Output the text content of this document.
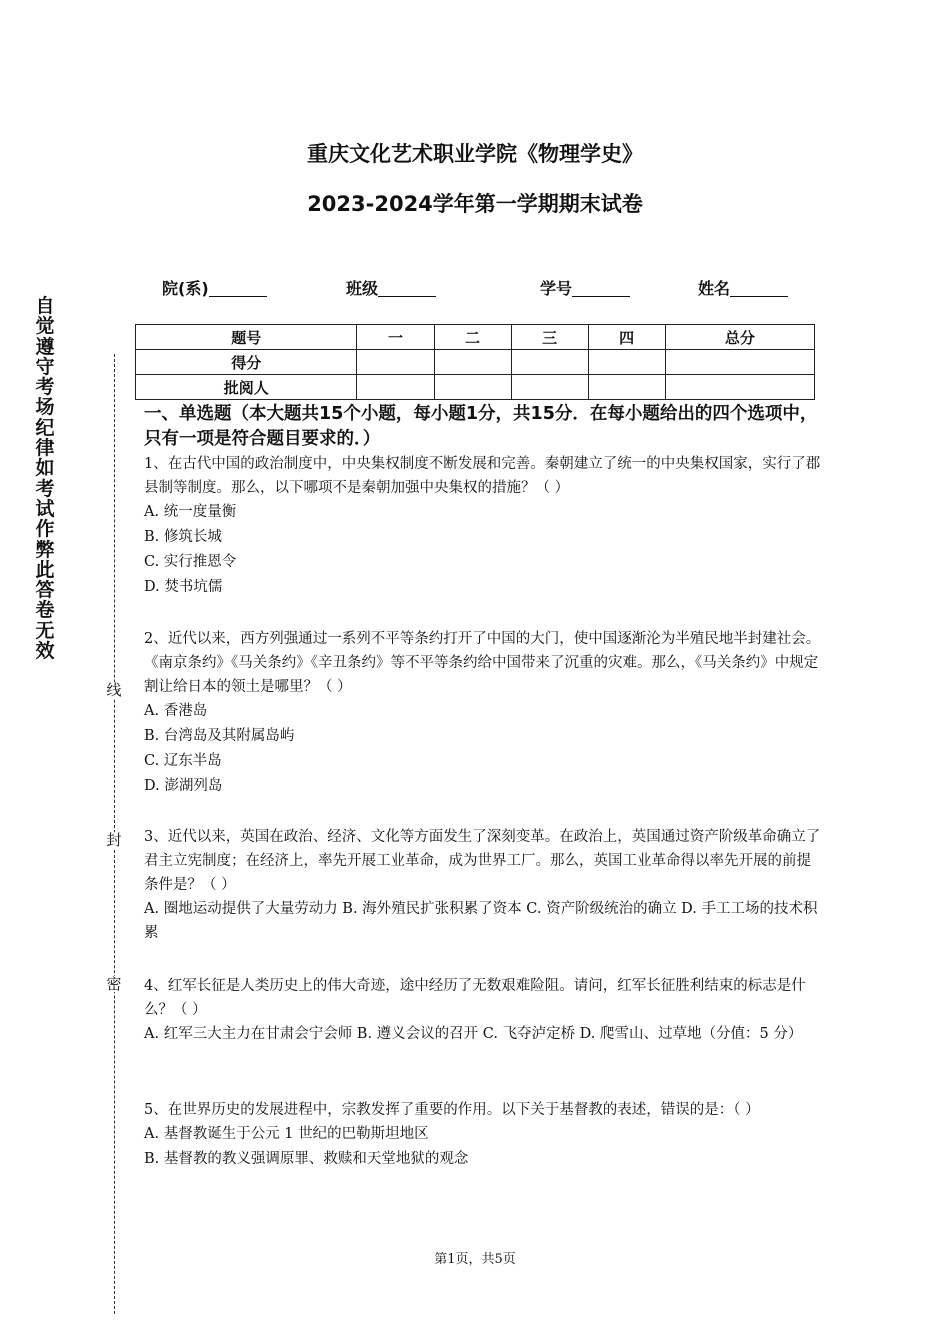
重庆文化艺术职业学院《物理学史》
2023-2024学年第一学期期末试卷
院(系)	班级	学号	姓名
题号	一	二	三	四	总分
得分					
批阅人					
自觉遵守考场纪律如考试作弊此答卷无效
线
封
密

一、单选题（本大题共15个小题，每小题1分，共15分．在每小题给出的四个选项中，只有一项是符合题目要求的．）

1、在古代中国的政治制度中，中央集权制度不断发展和完善。秦朝建立了统一的中央集权国家，实行了郡县制等制度。那么，以下哪项不是秦朝加强中央集权的措施？（ ）

A. 统一度量衡

B. 修筑长城

C. 实行推恩令

D. 焚书坑儒

2、近代以来，西方列强通过一系列不平等条约打开了中国的大门，使中国逐渐沦为半殖民地半封建社会。《南京条约》《马关条约》《辛丑条约》等不平等条约给中国带来了沉重的灾难。那么，《马关条约》中规定割让给日本的领土是哪里？（ ）

A. 香港岛

B. 台湾岛及其附属岛屿

C. 辽东半岛

D. 澎湖列岛

3、近代以来，英国在政治、经济、文化等方面发生了深刻变革。在政治上，英国通过资产阶级革命确立了君主立宪制度；在经济上，率先开展工业革命，成为世界工厂。那么，英国工业革命得以率先开展的前提条件是？（ ）

A. 圈地运动提供了大量劳动力 B. 海外殖民扩张积累了资本 C. 资产阶级统治的确立 D. 手工工场的技术积累

4、红军长征是人类历史上的伟大奇迹，途中经历了无数艰难险阻。请问，红军长征胜利结束的标志是什么？（ ）

A. 红军三大主力在甘肃会宁会师 B. 遵义会议的召开 C. 飞夺泸定桥 D. 爬雪山、过草地（分值：5 分）

5、在世界历史的发展进程中，宗教发挥了重要的作用。以下关于基督教的表述，错误的是：（ ）

A. 基督教诞生于公元 1 世纪的巴勒斯坦地区

B. 基督教的教义强调原罪、救赎和天堂地狱的观念

第1页，共5页
